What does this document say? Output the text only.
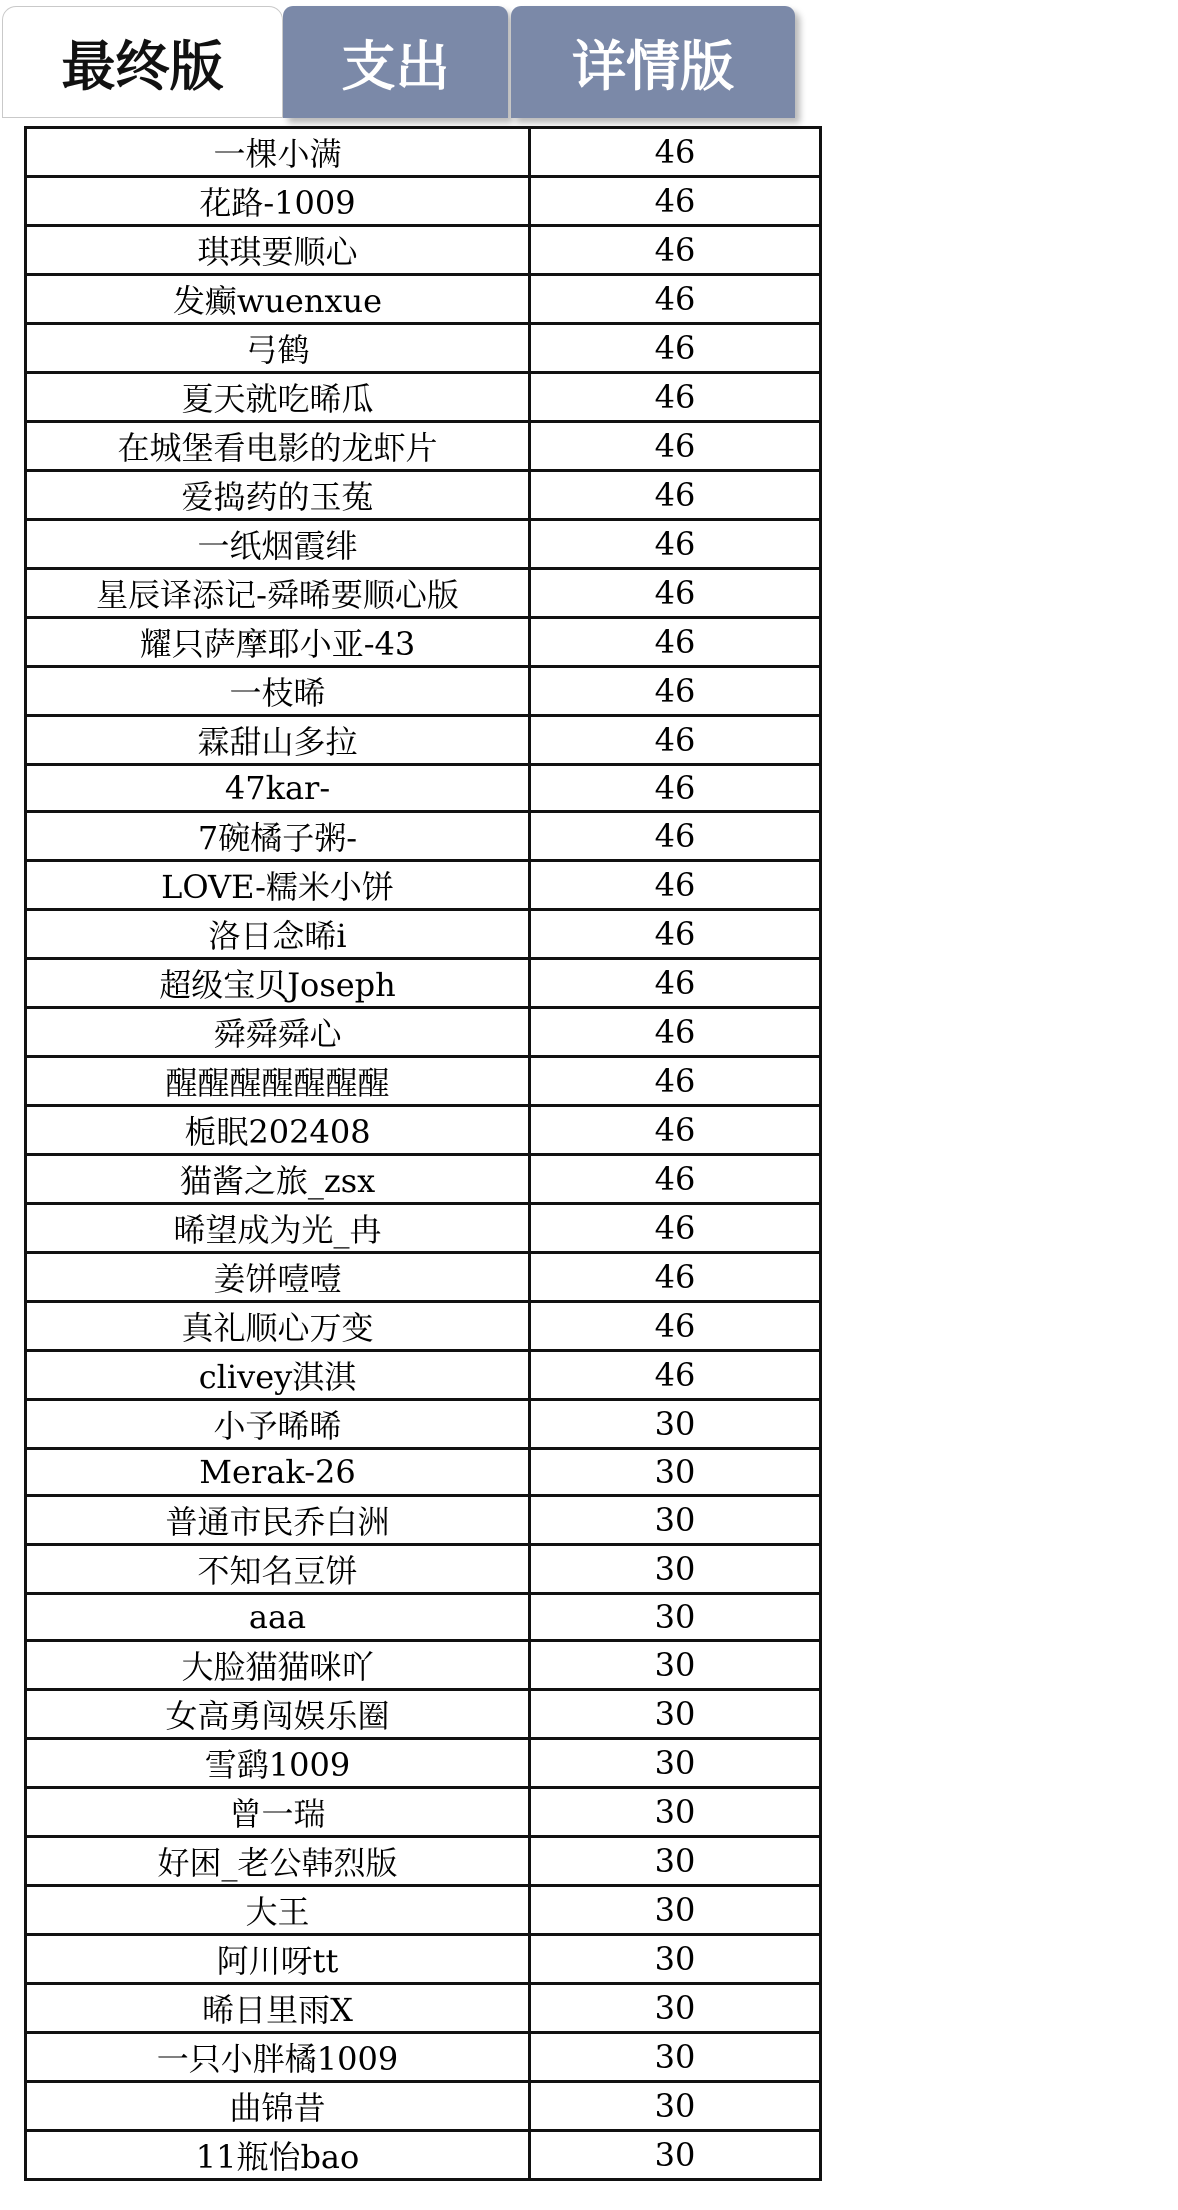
最终版	支出	详情版
一棵小满	46
花路-1009	46
琪琪要顺心	46
发癫wuenxue	46
弓鹤	46
夏天就吃晞瓜	46
在城堡看电影的龙虾片	46
爱捣药的玉菟	46
一纸烟霞绯	46
星辰译添记-舜晞要顺心版	46
耀只萨摩耶小亚-43	46
一枝晞	46
霖甜山多拉	46
47kar-	46
7碗橘子粥-	46
LOVE-糯米小饼	46
洛日念晞i	46
超级宝贝Joseph	46
舜舜舜心	46
醒醒醒醒醒醒醒	46
栀眠202408	46
猫酱之旅_zsx	46
晞望成为光_冉	46
姜饼噎噎	46
真礼顺心万变	46
clivey淇淇	46
小予晞晞	30
Merak-26	30
普通市民乔白洲	30
不知名豆饼	30
aaa	30
大脸猫猫咪吖	30
女高勇闯娱乐圈	30
雪鹞1009	30
曾一瑞	30
好困_老公韩烈版	30
大王	30
阿川呀tt	30
晞日里雨X	30
一只小胖橘1009	30
曲锦昔	30
11瓶怡bao	30
